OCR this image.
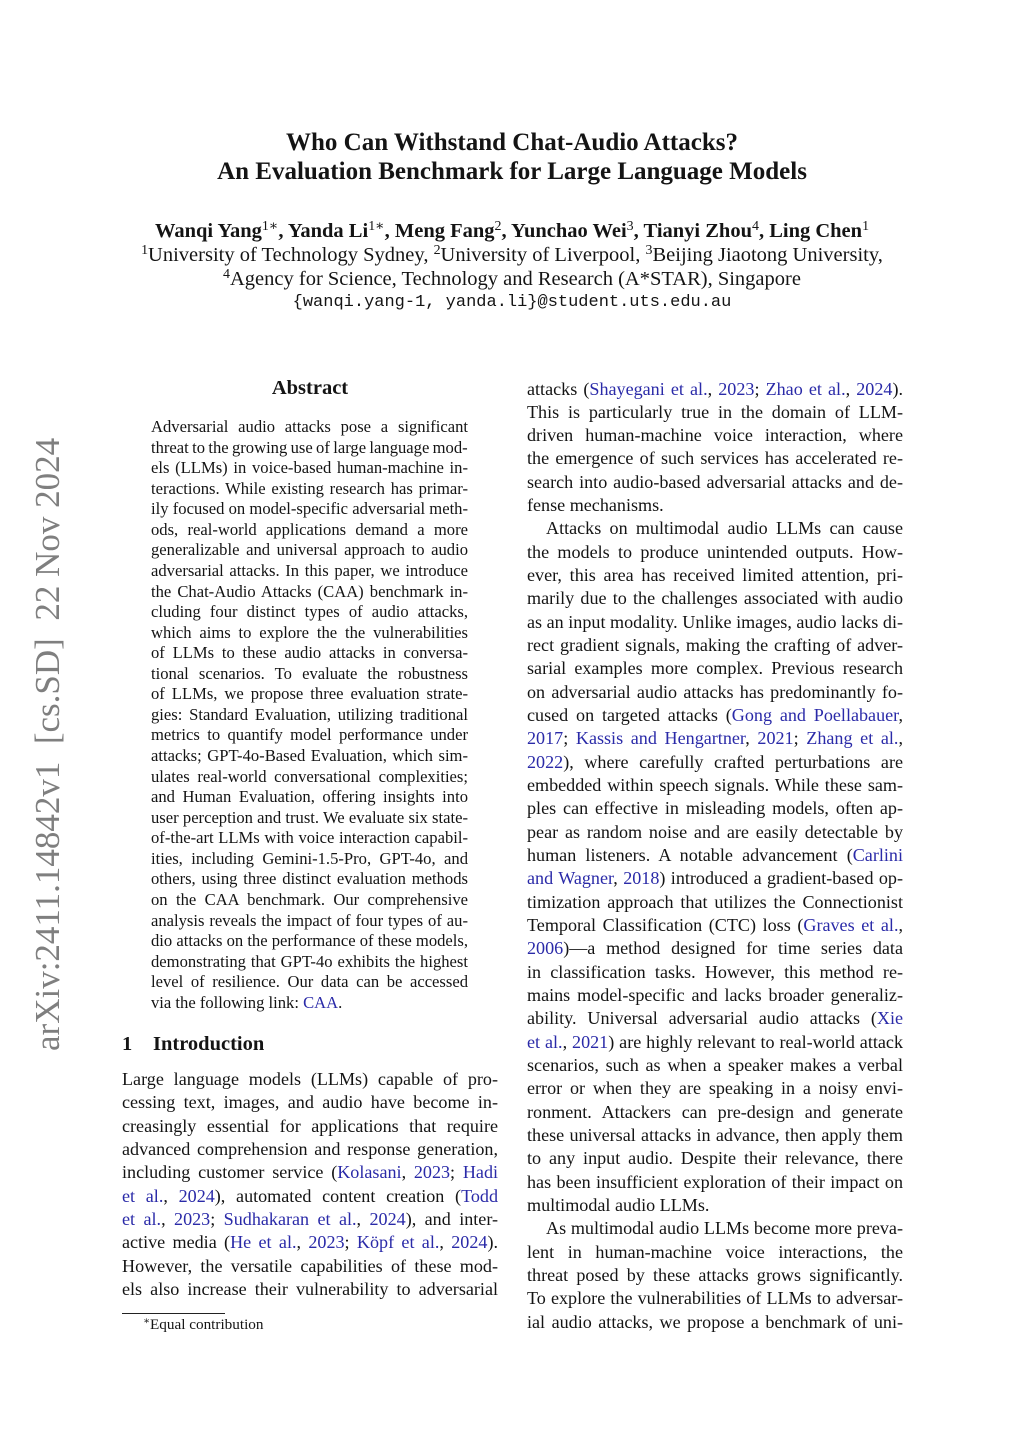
arXiv:2411.14842v1  [cs.SD]  22 Nov 2024
Who Can Withstand Chat-Audio Attacks?
An Evaluation Benchmark for Large Language Models
Wanqi Yang$^{1∗}$, Yanda $Li^{1∗}$, Meng Fang$^2$, Yunchao Wei$^3$, Tianyi Zhou$^4$, Ling Chen$^1$
$^1$University of Technology Sydney, $^2$University of Liverpool, $^3$Beijing Jiaotong University,
$^4$Agency for Science, Technology and Research (A*STAR), Singapore
{wanqi.yang-1, yanda.li}@student.uts.edu.au
Abstract
Adversarial audio attacks pose a significant
threat to the growing use of large language mod-
els (LLMs) in voice-based human-machine in-
teractions. While existing research has primar-
ily focused on model-specific adversarial meth-
ods, real-world applications demand a more
generalizable and universal approach to audio
adversarial attacks. In this paper, we introduce
the Chat-Audio Attacks (CAA) benchmark in-
cluding four distinct types of audio attacks,
which aims to explore the the vulnerabilities
of LLMs to these audio attacks in conversa-
tional scenarios. To evaluate the robustness
of LLMs, we propose three evaluation strate-
gies: Standard Evaluation, utilizing traditional
metrics to quantify model performance under
attacks; GPT-4o-Based Evaluation, which sim-
ulates real-world conversational complexities;
and Human Evaluation, offering insights into
user perception and trust. We evaluate six state-
of-the-art LLMs with voice interaction capabil-
ities, including Gemini-1.5-Pro, GPT-4o, and
others, using three distinct evaluation methods
on the CAA benchmark. Our comprehensive
analysis reveals the impact of four types of au-
dio attacks on the performance of these models,
demonstrating that GPT-4o exhibits the highest
level of resilience. Our data can be accessed
via the following link: CAA.
1 Introduction
Large language models (LLMs) capable of pro-
cessing text, images, and audio have become in-
creasingly essential for applications that require
advanced comprehension and response generation,
including customer service (Kolasani, 2023; Hadi
et al., 2024), automated content creation (Todd
et al., 2023; Sudhakaran et al., 2024), and inter-
active media (He et al., 2023; Köpf et al., 2024).
However, the versatile capabilities of these mod-
els also increase their vulnerability to adversarial
attacks (Shayegani et al., 2023; Zhao et al., 2024).
This is particularly true in the domain of LLM-
driven human-machine voice interaction, where
the emergence of such services has accelerated re-
search into audio-based adversarial attacks and de-
fense mechanisms.
Attacks on multimodal audio LLMs can cause
the models to produce unintended outputs. How-
ever, this area has received limited attention, pri-
marily due to the challenges associated with audio
as an input modality. Unlike images, audio lacks di-
rect gradient signals, making the crafting of adver-
sarial examples more complex. Previous research
on adversarial audio attacks has predominantly fo-
cused on targeted attacks (Gong and Poellabauer,
2017; Kassis and Hengartner, 2021; Zhang et al.,
2022), where carefully crafted perturbations are
embedded within speech signals. While these sam-
ples can effective in misleading models, often ap-
pear as random noise and are easily detectable by
human listeners. A notable advancement (Carlini
and Wagner, 2018) introduced a gradient-based op-
timization approach that utilizes the Connectionist
Temporal Classification (CTC) loss (Graves et al.,
2006)—a method designed for time series data
in classification tasks. However, this method re-
mains model-specific and lacks broader generaliz-
ability. Universal adversarial audio attacks (Xie
et al., 2021) are highly relevant to real-world attack
scenarios, such as when a speaker makes a verbal
error or when they are speaking in a noisy envi-
ronment. Attackers can pre-design and generate
these universal attacks in advance, then apply them
to any input audio. Despite their relevance, there
has been insufficient exploration of their impact on
multimodal audio LLMs.
As multimodal audio LLMs become more preva-
lent in human-machine voice interactions, the
threat posed by these attacks grows significantly.
To explore the vulnerabilities of LLMs to adversar-
ial audio attacks, we propose a benchmark of uni-
∗Equal contribution
